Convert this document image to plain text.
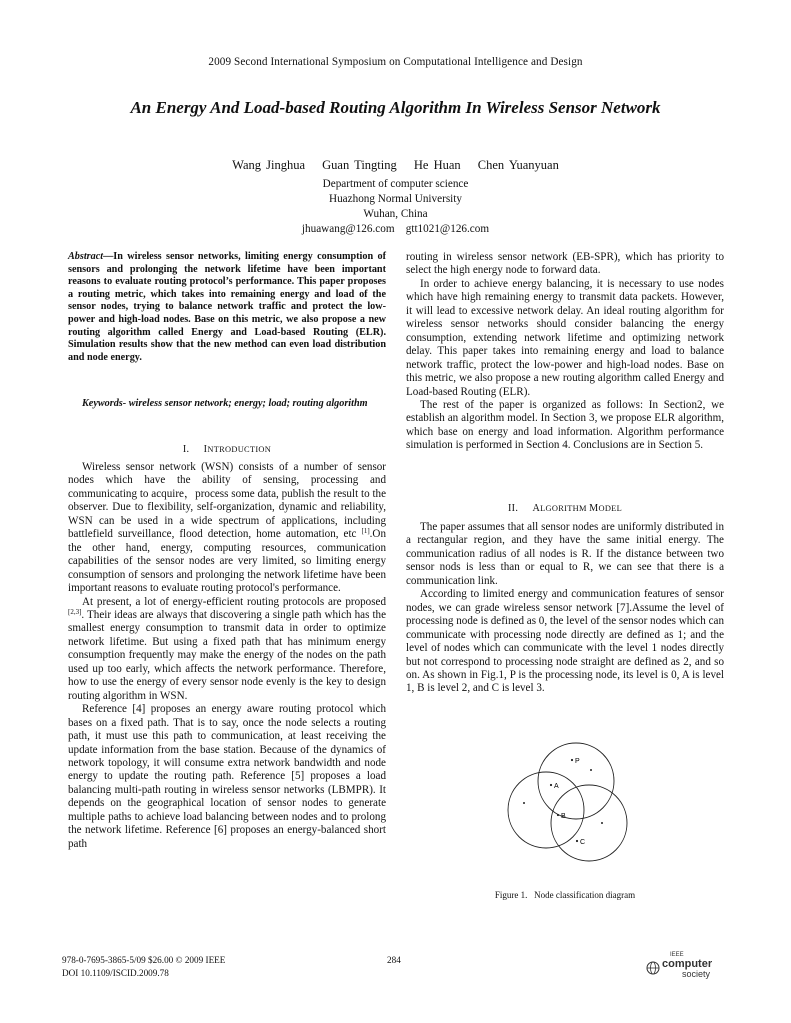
2009 Second International Symposium on Computational Intelligence and Design
An Energy And Load-based Routing Algorithm In Wireless Sensor Network
Wang Jinghua Guan Tingting He Huan Chen Yuanyuan
Department of computer science
Huazhong Normal University
Wuhan, China
jhuawang@126.com    gtt1021@126.com
Abstract—In wireless sensor networks, limiting energy consumption of sensors and prolonging the network lifetime have been important reasons to evaluate routing protocol’s performance. This paper proposes a routing metric, which takes into remaining energy and load of the sensor nodes, trying to balance network traffic and protect the low-power and high-load nodes. Base on this metric, we also propose a new routing algorithm called Energy and Load-based Routing (ELR). Simulation results show that the new method can even load distribution and node energy.
Keywords- wireless sensor network; energy; load; routing algorithm
I. INTRODUCTION

Wireless sensor network (WSN) consists of a number of sensor nodes which have the ability of sensing, processing and communicating to acquire，process some data, publish the result to the observer. Due to flexibility, self-organization, dynamic and reliability, WSN can be used in a wide spectrum of applications, including battlefield surveillance, flood detection, home automation, etc [1].On the other hand, energy, computing resources, communication capabilities of the sensor nodes are very limited, so limiting energy consumption of sensors and prolonging the network lifetime have been important reasons to evaluate routing protocol's performance.

At present, a lot of energy-efficient routing protocols are proposed [2,3]. Their ideas are always that discovering a single path which has the smallest energy consumption to transmit data in order to optimize network lifetime. But using a fixed path that has minimum energy consumption frequently may make the energy of the nodes on the path used up too early, which affects the network performance. Therefore, how to use the energy of every sensor node evenly is the key to design routing algorithm in WSN.

Reference [4] proposes an energy aware routing protocol which bases on a fixed path. That is to say, once the node selects a routing path, it must use this path to communication, at least receiving the update information from the base station. Because of the dynamics of network topology, it will consume extra network bandwidth and node energy to update the routing path. Reference [5] proposes a load balancing multi-path routing in wireless sensor networks (LBMPR). It depends on the geographical location of sensor nodes to generate multiple paths to achieve load balancing between nodes and to prolong the network lifetime. Reference [6] proposes an energy-balanced short path

routing in wireless sensor network (EB-SPR), which has priority to select the high energy node to forward data.

In order to achieve energy balancing, it is necessary to use nodes which have high remaining energy to transmit data packets. However, it will lead to excessive network delay. An ideal routing algorithm for wireless sensor networks should consider balancing the energy consumption, extending network lifetime and optimizing network delay. This paper takes into remaining energy and load to balance network traffic, protect the low-power and high-load nodes. Base on this metric, we also propose a new routing algorithm called Energy and Load-based Routing (ELR).

The rest of the paper is organized as follows: In Section2, we establish an algorithm model. In Section 3, we propose ELR algorithm, which base on energy and load information. Algorithm performance simulation is performed in Section 4. Conclusions are in Section 5.

II. ALGORITHM MODEL

The paper assumes that all sensor nodes are uniformly distributed in a rectangular region, and they have the same initial energy. The communication radius of all nodes is R. If the distance between two sensor nods is less than or equal to R, we can see that there is a communication link.

According to limited energy and communication features of sensor nodes, we can grade wireless sensor network [7].Assume the level of processing node is defined as 0, the level of the sensor nodes which can communicate with processing node directly are defined as 1; and the level of nodes which can communicate with the level 1 nodes directly but not correspond to processing node straight are defined as 2, and so on. As shown in Fig.1, P is the processing node, its level is 0, A is level 1, B is level 2, and C is level 3.

P
A
B
C
Figure 1.   Node classification diagram
978-0-7695-3865-5/09 $26.00 © 2009 IEEE
DOI 10.1109/ISCID.2009.78
284	IEEE
computer
society
